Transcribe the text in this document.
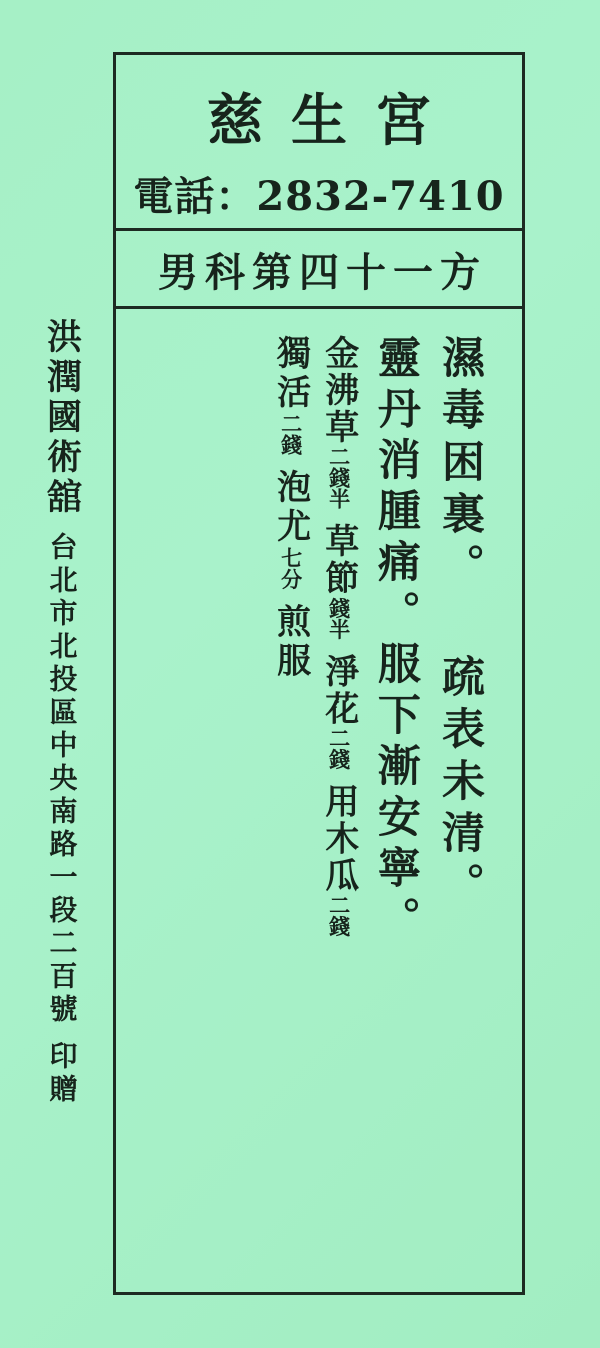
慈生宮
電話：2832-7410
男科第四十一方
濕毒困裏。 疏表未清。
靈丹消腫痛。服下漸安寧。
金沸草二錢半草節錢半淨花二錢用木瓜二錢
獨活二錢泡尤七分煎服
洪潤國術舘台北市北投區中央南路一段二百號印贈
